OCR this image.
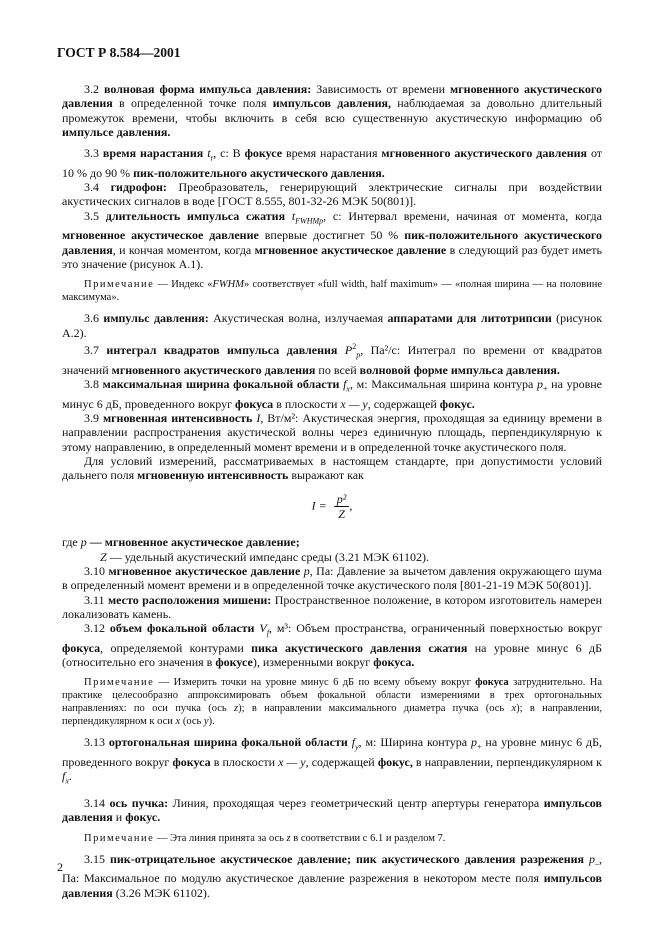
ГОСТ Р 8.584—2001

3.2 волновая форма импульса давления: Зависимость от времени мгновенного акустического давления в определенной точке поля импульсов давления, наблюдаемая за довольно длительный промежуток времени, чтобы включить в себя всю существенную акустическую информацию об импульсе давления.

3.3 время нарастания $t_r$, с: В фокусе время нарастания мгновенного акустического давления от 10 % до 90 % пик-положительного акустического давления.

3.4 гидрофон: Преобразователь, генерирующий электрические сигналы при воздействии акустических сигналов в воде [ГОСТ 8.555, 801-32-26 МЭК 50(801)].

3.5 длительность импульса сжатия $t_{FWHMp}$, с: Интервал времени, начиная от момента, когда мгновенное акустическое давление впервые достигнет 50 % пик-положительного акустического давления, и кончая моментом, когда мгновенное акустическое давление в следующий раз будет иметь это значение (рисунок А.1).

Примечание — Индекс «FWHM» соответствует «full width, half maximum» — «полная ширина — на половине максимума».

3.6 импульс давления: Акустическая волна, излучаемая аппаратами для литотрипсии (рисунок А.2).

3.7 интеграл квадратов импульса давления $P^2_p$, Па²/с: Интеграл по времени от квадратов значений мгновенного акустического давления по всей волновой форме импульса давления.

3.8 максимальная ширина фокальной области $f_x$, м: Максимальная ширина контура $p_+$ на уровне минус 6 дБ, проведенного вокруг фокуса в плоскости x — y, содержащей фокус.

3.9 мгновенная интенсивность I, Вт/м²: Акустическая энергия, проходящая за единицу времени в направлении распространения акустической волны через единичную площадь, перпендикулярную к этому направлению, в определенный момент времени и в определенной точке акустического поля.

Для условий измерений, рассматриваемых в настоящем стандарте, при допустимости условий дальнего поля мгновенную интенсивность выражают как

$I = \frac{\text{p²}}{Z}$ ,

где p — мгновенное акустическое давление;

Z — удельный акустический импеданс среды (3.21 МЭК 61102).

3.10 мгновенное акустическое давление p, Па: Давление за вычетом давления окружающего шума в определенный момент времени и в определенной точке акустического поля [801-21-19 МЭК 50(801)].

3.11 место расположения мишени: Пространственное положение, в котором изготовитель намерен локализовать камень.

3.12 объем фокальной области $V_f$, м³: Объем пространства, ограниченный поверхностью вокруг фокуса, определяемой контурами пика акустического давления сжатия на уровне минус 6 дБ (относительно его значения в фокусе), измеренными вокруг фокуса.

Примечание — Измерить точки на уровне минус 6 дБ по всему объему вокруг фокуса затруднительно. На практике целесообразно аппроксимировать объем фокальной области измерениями в трех ортогональных направлениях: по оси пучка (ось z); в направлении максимального диаметра пучка (ось x); в направлении, перпендикулярном к оси x (ось y).

3.13 ортогональная ширина фокальной области $f_y$, м: Ширина контура $p_+$ на уровне минус 6 дБ, проведенного вокруг фокуса в плоскости x — y, содержащей фокус, в направлении, перпендикулярном к $f_x$.

3.14 ось пучка: Линия, проходящая через геометрический центр апертуры генератора импульсов давления и фокус.

Примечание — Эта линия принята за ось z в соответствии с 6.1 и разделом 7.

3.15 пик-отрицательное акустическое давление; пик акустического давления разрежения $p_-$, Па: Максимальное по модулю акустическое давление разрежения в некотором месте поля импульсов давления (3.26 МЭК 61102).

2
